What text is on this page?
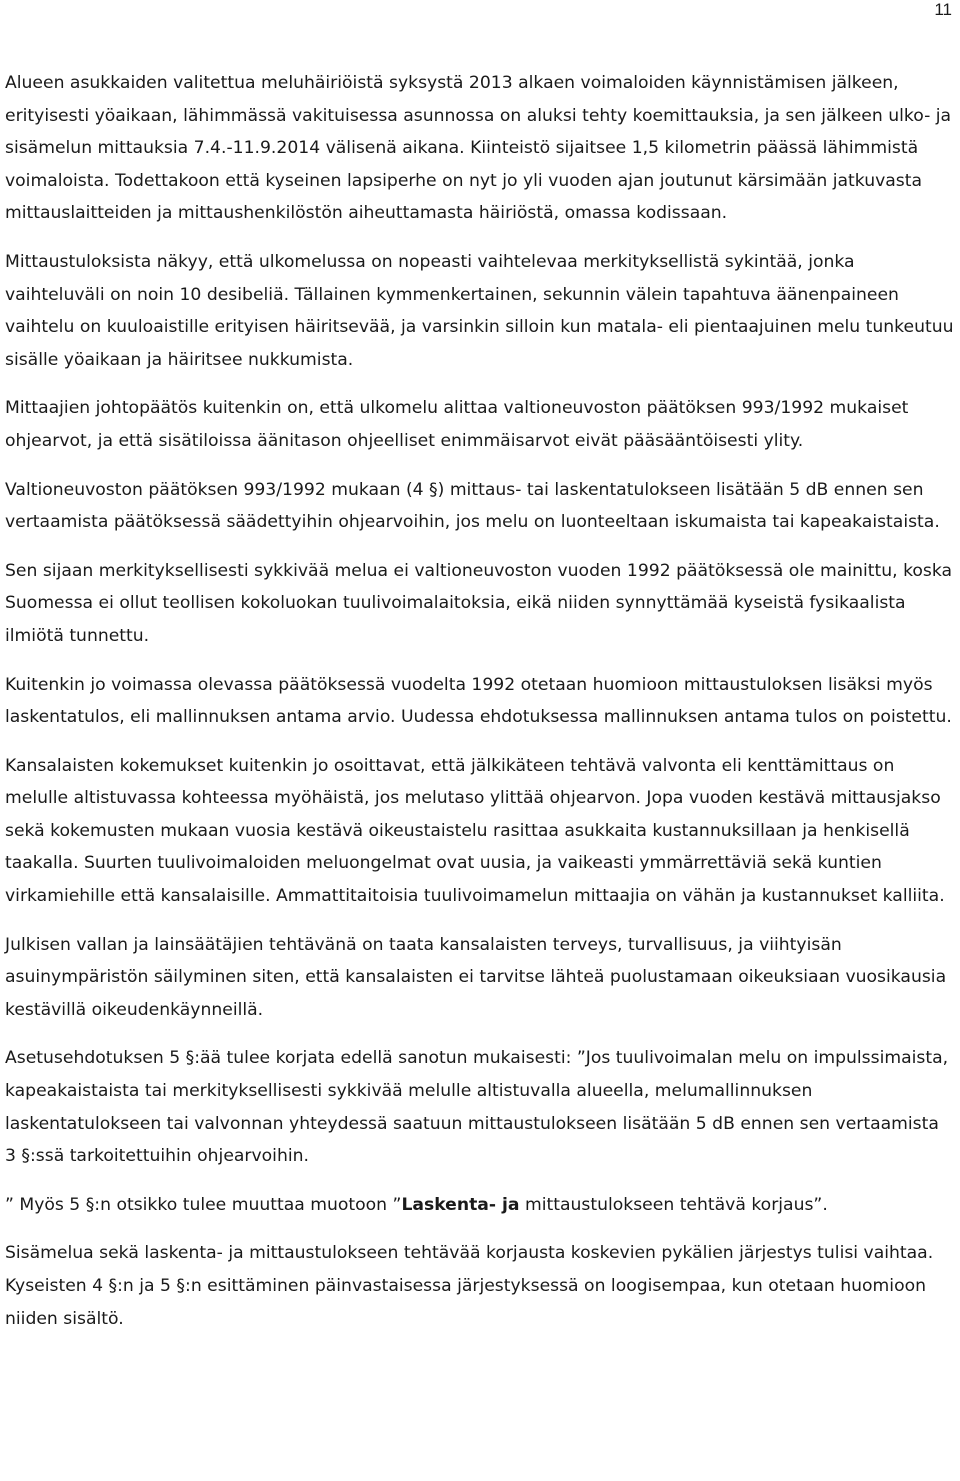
11

Alueen asukkaiden valitettua meluhäiriöistä syksystä 2013 alkaen voimaloiden käynnistämisen jälkeen, erityisesti yöaikaan, lähimmässä vakituisessa asunnossa on aluksi tehty koemittauksia, ja sen jälkeen ulko- ja sisämelun mittauksia 7.4.-11.9.2014 välisenä aikana. Kiinteistö sijaitsee 1,5 kilometrin päässä lähimmistä voimaloista. Todettakoon että kyseinen lapsiperhe on nyt jo yli vuoden ajan joutunut kärsimään jatkuvasta mittauslaitteiden ja mittaushenkilöstön aiheuttamasta häiriöstä, omassa kodissaan.

Mittaustuloksista näkyy, että ulkomelussa on nopeasti vaihtelevaa merkityksellistä sykintää, jonka vaihteluväli on noin 10 desibeliä. Tällainen kymmenkertainen, sekunnin välein tapahtuva äänenpaineen vaihtelu on kuuloaistille erityisen häiritsevää, ja varsinkin silloin kun matala- eli pientaajuinen melu tunkeutuu sisälle yöaikaan ja häiritsee nukkumista.

Mittaajien johtopäätös kuitenkin on, että ulkomelu alittaa valtioneuvoston päätöksen 993/1992 mukaiset ohjearvot, ja että sisätiloissa äänitason ohjeelliset enimmäisarvot eivät pääsääntöisesti ylity.

Valtioneuvoston päätöksen 993/1992 mukaan (4 §) mittaus- tai laskentatulokseen lisätään 5 dB ennen sen vertaamista päätöksessä säädettyihin ohjearvoihin, jos melu on luonteeltaan iskumaista tai kapeakaistaista.

Sen sijaan merkityksellisesti sykkivää melua ei valtioneuvoston vuoden 1992 päätöksessä ole mainittu, koska Suomessa ei ollut teollisen kokoluokan tuulivoimalaitoksia, eikä niiden synnyttämää kyseistä fysikaalista ilmiötä tunnettu.

Kuitenkin jo voimassa olevassa päätöksessä vuodelta 1992 otetaan huomioon mittaustuloksen lisäksi myös laskentatulos, eli mallinnuksen antama arvio. Uudessa ehdotuksessa mallinnuksen antama tulos on poistettu.

Kansalaisten kokemukset kuitenkin jo osoittavat, että jälkikäteen tehtävä valvonta eli kenttämittaus on melulle altistuvassa kohteessa myöhäistä, jos melutaso ylittää ohjearvon. Jopa vuoden kestävä mittausjakso sekä kokemusten mukaan vuosia kestävä oikeustaistelu rasittaa asukkaita kustannuksillaan ja henkisellä taakalla. Suurten tuulivoimaloiden meluongelmat ovat uusia, ja vaikeasti ymmärrettäviä sekä kuntien virkamiehille että kansalaisille. Ammattitaitoisia tuulivoimamelun mittaajia on vähän ja kustannukset kalliita.

Julkisen vallan ja lainsäätäjien tehtävänä on taata kansalaisten terveys, turvallisuus, ja viihtyisän asuinympäristön säilyminen siten, että kansalaisten ei tarvitse lähteä puolustamaan oikeuksiaan vuosikausia kestävillä oikeudenkäynneillä.

Asetusehdotuksen 5 §:ää tulee korjata edellä sanotun mukaisesti: ”Jos tuulivoimalan melu on impulssimaista, kapeakaistaista tai merkityksellisesti sykkivää melulle altistuvalla alueella, melumallinnuksen laskentatulokseen tai valvonnan yhteydessä saatuun mittaustulokseen lisätään 5 dB ennen sen vertaamista 3 §:ssä tarkoitettuihin ohjearvoihin.

” Myös 5 §:n otsikko tulee muuttaa muotoon ”Laskenta- ja mittaustulokseen tehtävä korjaus”.

Sisämelua sekä laskenta- ja mittaustulokseen tehtävää korjausta koskevien pykälien järjestys tulisi vaihtaa. Kyseisten 4 §:n ja 5 §:n esittäminen päinvastaisessa järjestyksessä on loogisempaa, kun otetaan huomioon niiden sisältö.
